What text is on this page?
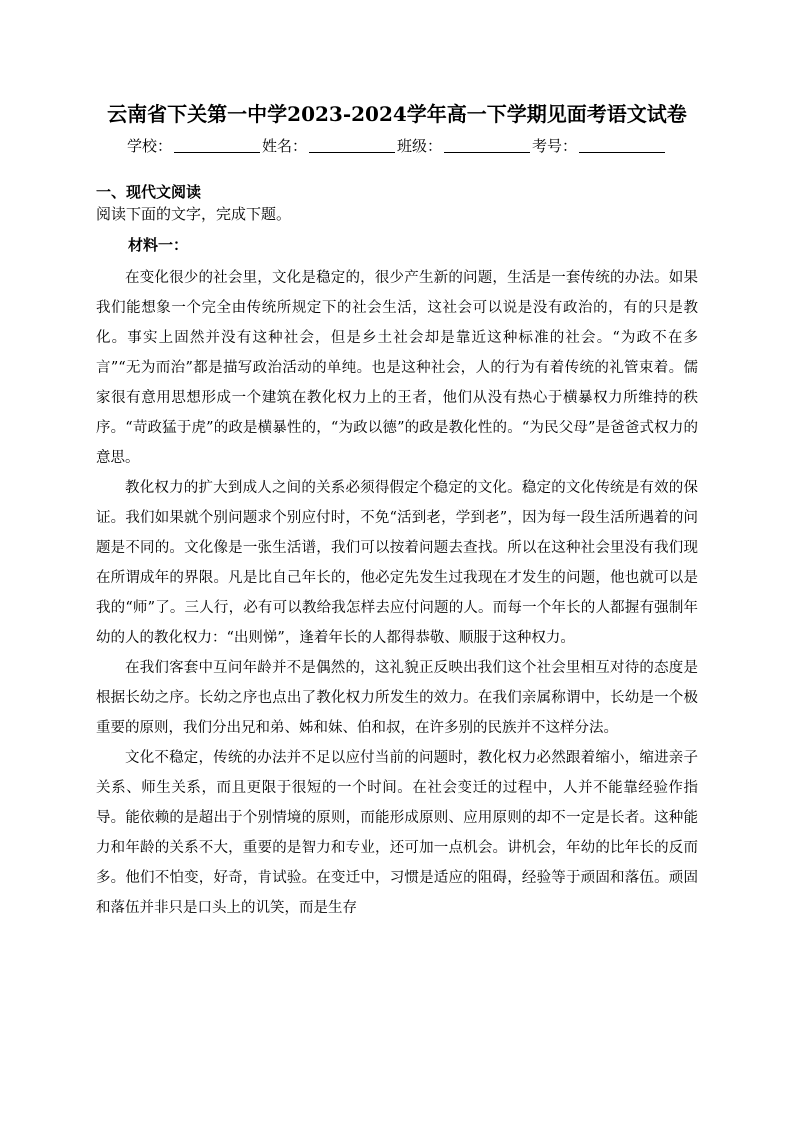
云南省下关第一中学2023-2024学年高一下学期见面考语文试卷
学校：	姓名：	班级：	考号：
一、现代文阅读
阅读下面的文字，完成下题。
材料一：

在变化很少的社会里，文化是稳定的，很少产生新的问题，生活是一套传统的办法。如果我们能想象一个完全由传统所规定下的社会生活，这社会可以说是没有政治的，有的只是教化。事实上固然并没有这种社会，但是乡土社会却是靠近这种标准的社会。“为政不在多言”“无为而治”都是描写政治活动的单纯。也是这种社会，人的行为有着传统的礼管束着。儒家很有意用思想形成一个建筑在教化权力上的王者，他们从没有热心于横暴权力所维持的秩序。“苛政猛于虎”的政是横暴性的，“为政以德”的政是教化性的。“为民父母”是爸爸式权力的意思。

教化权力的扩大到成人之间的关系必须得假定个稳定的文化。稳定的文化传统是有效的保证。我们如果就个别问题求个别应付时，不免“活到老，学到老”，因为每一段生活所遇着的问题是不同的。文化像是一张生活谱，我们可以按着问题去查找。所以在这种社会里没有我们现在所谓成年的界限。凡是比自己年长的，他必定先发生过我现在才发生的问题，他也就可以是我的“师”了。三人行，必有可以教给我怎样去应付问题的人。而每一个年长的人都握有强制年幼的人的教化权力：“出则悌”，逢着年长的人都得恭敬、顺服于这种权力。

在我们客套中互问年龄并不是偶然的，这礼貌正反映出我们这个社会里相互对待的态度是根据长幼之序。长幼之序也点出了教化权力所发生的效力。在我们亲属称谓中，长幼是一个极重要的原则，我们分出兄和弟、姊和妹、伯和叔，在许多别的民族并不这样分法。

文化不稳定，传统的办法并不足以应付当前的问题时，教化权力必然跟着缩小，缩进亲子关系、师生关系，而且更限于很短的一个时间。在社会变迁的过程中，人并不能靠经验作指导。能依赖的是超出于个别情境的原则，而能形成原则、应用原则的却不一定是长者。这种能力和年龄的关系不大，重要的是智力和专业，还可加一点机会。讲机会，年幼的比年长的反而多。他们不怕变，好奇，肯试验。在变迁中，习惯是适应的阻碍，经验等于顽固和落伍。顽固和落伍并非只是口头上的讥笑，而是生存
